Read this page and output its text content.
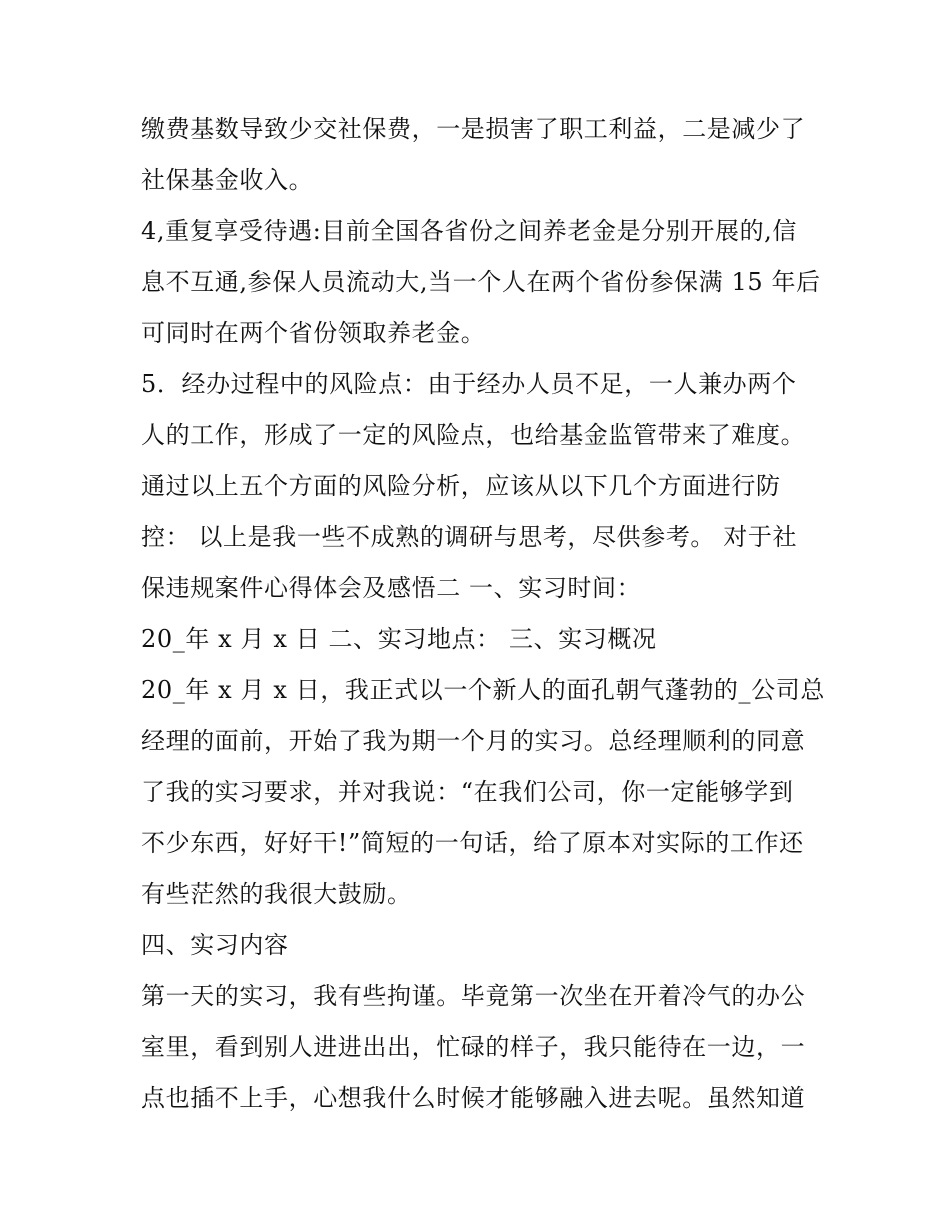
缴费基数导致少交社保费，一是损害了职工利益，二是减少了
社保基金收入。
4,重复享受待遇:目前全国各省份之间养老金是分别开展的,信
息不互通,参保人员流动大,当一个人在两个省份参保满 15 年后
可同时在两个省份领取养老金。
5．经办过程中的风险点：由于经办人员不足，一人兼办两个
人的工作，形成了一定的风险点，也给基金监管带来了难度。
通过以上五个方面的风险分析，应该从以下几个方面进行防
控： 以上是我一些不成熟的调研与思考，尽供参考。 对于社
保违规案件心得体会及感悟二 一、实习时间：
20_年 x 月 x 日 二、实习地点： 三、实习概况
20_年 x 月 x 日，我正式以一个新人的面孔朝气蓬勃的_公司总
经理的面前，开始了我为期一个月的实习。总经理顺利的同意
了我的实习要求，并对我说：“在我们公司，你一定能够学到
不少东西，好好干!”简短的一句话，给了原本对实际的工作还
有些茫然的我很大鼓励。
四、实习内容
第一天的实习，我有些拘谨。毕竟第一次坐在开着冷气的办公
室里，看到别人进进出出，忙碌的样子，我只能待在一边，一
点也插不上手，心想我什么时候才能够融入进去呢。虽然知道
